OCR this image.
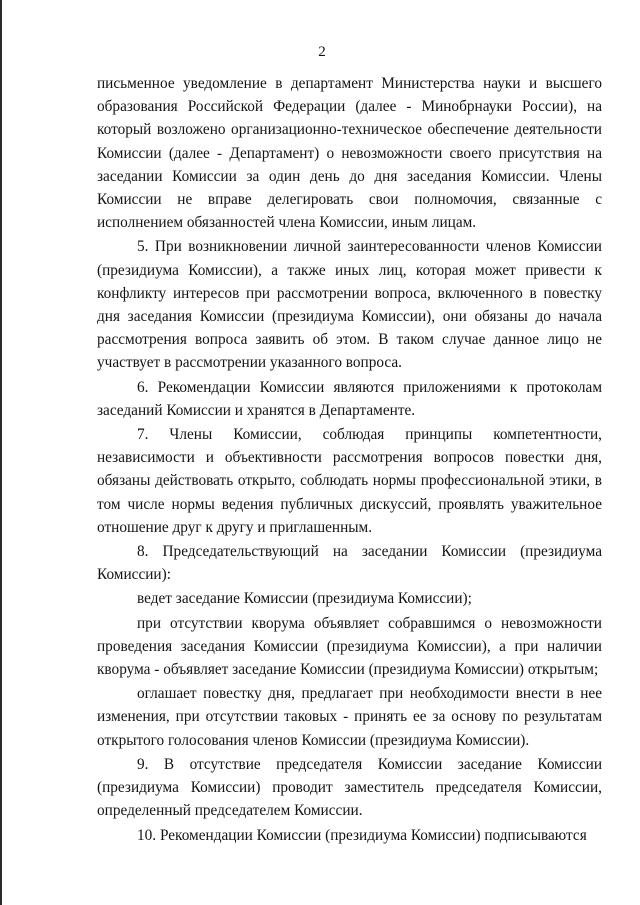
2

письменное уведомление в департамент Министерства науки и высшего образования Российской Федерации (далее - Минобрнауки России), на который возложено организационно-техническое обеспечение деятельности Комиссии (далее - Департамент) о невозможности своего присутствия на заседании Комиссии за один день до дня заседания Комиссии. Члены Комиссии не вправе делегировать свои полномочия, связанные с исполнением обязанностей члена Комиссии, иным лицам.

5. При возникновении личной заинтересованности членов Комиссии (президиума Комиссии), а также иных лиц, которая может привести к конфликту интересов при рассмотрении вопроса, включенного в повестку дня заседания Комиссии (президиума Комиссии), они обязаны до начала рассмотрения вопроса заявить об этом. В таком случае данное лицо не участвует в рассмотрении указанного вопроса.

6. Рекомендации Комиссии являются приложениями к протоколам заседаний Комиссии и хранятся в Департаменте.

7. Члены Комиссии, соблюдая принципы компетентности, независимости и объективности рассмотрения вопросов повестки дня, обязаны действовать открыто, соблюдать нормы профессиональной этики, в том числе нормы ведения публичных дискуссий, проявлять уважительное отношение друг к другу и приглашенным.

8. Председательствующий на заседании Комиссии (президиума Комиссии):

ведет заседание Комиссии (президиума Комиссии);

при отсутствии кворума объявляет собравшимся о невозможности проведения заседания Комиссии (президиума Комиссии), а при наличии кворума - объявляет заседание Комиссии (президиума Комиссии) открытым;

оглашает повестку дня, предлагает при необходимости внести в нее изменения, при отсутствии таковых - принять ее за основу по результатам открытого голосования членов Комиссии (президиума Комиссии).

9. В отсутствие председателя Комиссии заседание Комиссии (президиума Комиссии) проводит заместитель председателя Комиссии, определенный председателем Комиссии.

10. Рекомендации Комиссии (президиума Комиссии) подписываются
